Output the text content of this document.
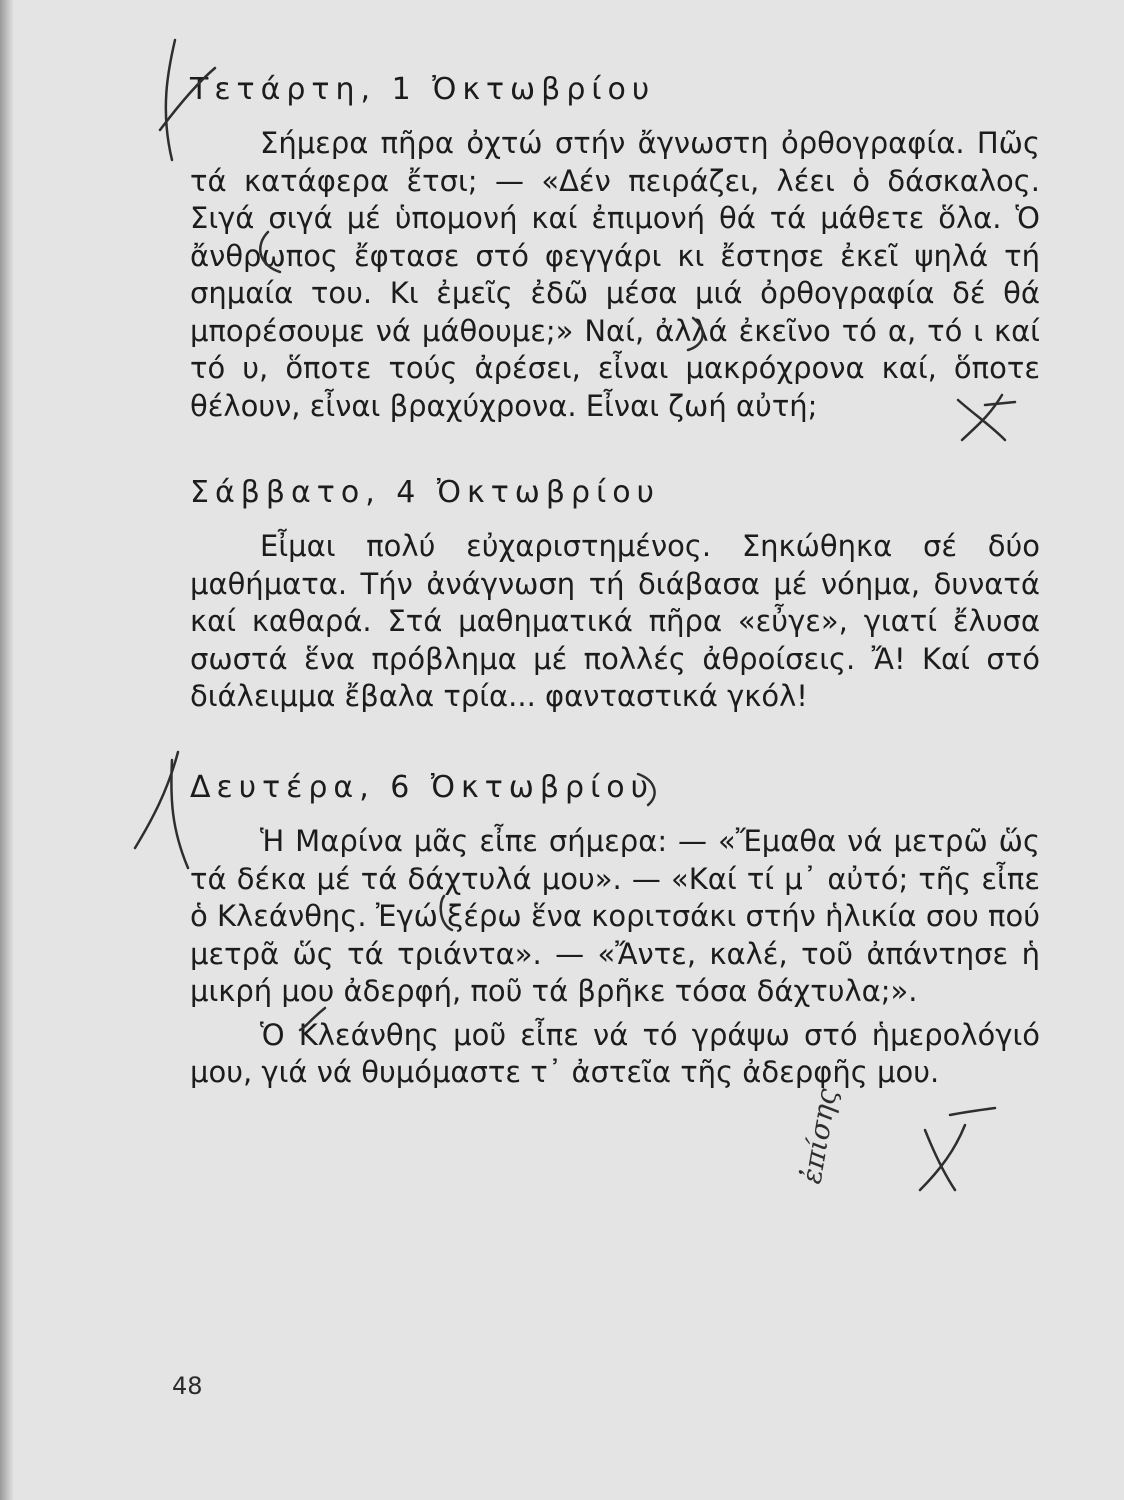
Τετάρτη, 1 Ὀκτωβρίου

Σήμερα πῆρα ὀχτώ στήν ἄγνωστη ὀρθογραφία. Πῶς τά κατάφερα ἔτσι; — «Δέν πειράζει, λέει ὁ δάσκαλος. Σιγά σιγά μέ ὑπομονή καί ἐπιμονή θά τά μάθετε ὅλα. Ὁ ἄνθρωπος ἔφτασε στό φεγγάρι κι ἔστησε ἐκεῖ ψηλά τή σημαία του. Κι ἐμεῖς ἐδῶ μέσα μιά ὀρθογραφία δέ θά μπορέσουμε νά μάθουμε;» Ναί, ἀλλά ἐκεῖνο τό α, τό ι καί τό υ, ὅποτε τούς ἀρέσει, εἶναι μακρόχρονα καί, ὅποτε θέλουν, εἶναι βραχύχρονα. Εἶναι ζωή αὐτή;

Σάββατο, 4 Ὀκτωβρίου

Εἶμαι πολύ εὐχαριστημένος. Σηκώθηκα σέ δύο μαθήματα. Τήν ἀνάγνωση τή διάβασα μέ νόημα, δυνατά καί καθαρά. Στά μαθηματικά πῆρα «εὖγε», γιατί ἔλυσα σωστά ἕνα πρόβλημα μέ πολλές ἀθροίσεις. Ἄ! Καί στό διάλειμμα ἔβαλα τρία... φανταστικά γκόλ!

Δευτέρα, 6 Ὀκτωβρίου

Ἡ Μαρίνα μᾶς εἶπε σήμερα: — «Ἔμαθα νά μετρῶ ὥς τά δέκα μέ τά δάχτυλά μου». — «Καί τί μ᾿ αὐτό; τῆς εἶπε ὁ Κλεάνθης. Ἐγώ ξέρω ἕνα κοριτσάκι στήν ἡλικία σου πού μετρᾶ ὥς τά τριάντα». — «Ἄντε, καλέ, τοῦ ἀπάντησε ἡ μικρή μου ἀδερφή, ποῦ τά βρῆκε τόσα δάχτυλα;».

Ὁ Κλεάνθης μοῦ εἶπε νά τό γράψω στό ἡμερολόγιό μου, γιά νά θυμόμαστε τ᾿ ἀστεῖα τῆς ἀδερφῆς μου.

48
ἐπίσης
